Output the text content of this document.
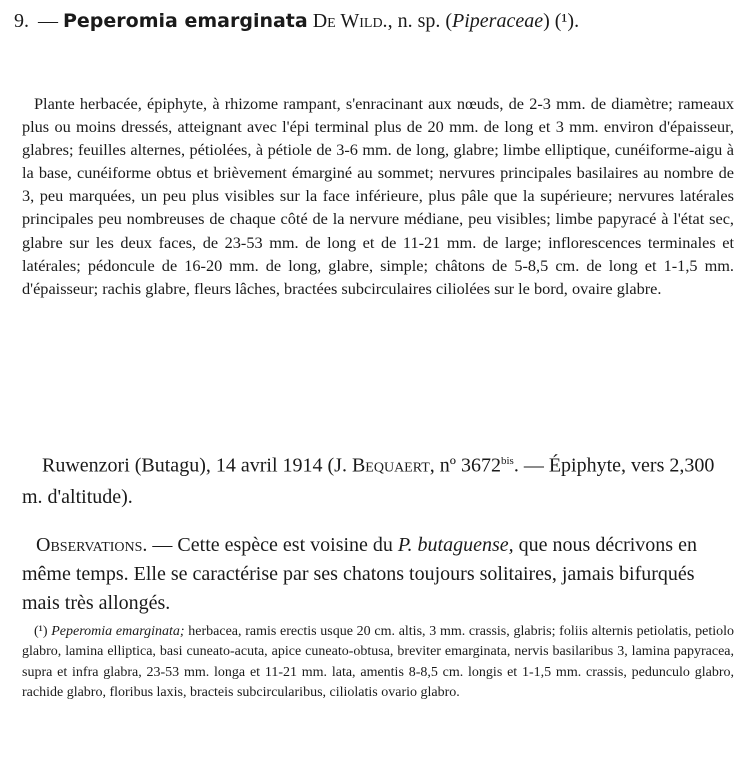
9. — Peperomia emarginata De Wild., n. sp. (Piperaceae) (¹).

Plante herbacée, épiphyte, à rhizome rampant, s'enracinant aux nœuds, de 2-3 mm. de diamètre; rameaux plus ou moins dressés, atteignant avec l'épi terminal plus de 20 mm. de long et 3 mm. environ d'épaisseur, glabres; feuilles alternes, pétiolées, à pétiole de 3-6 mm. de long, glabre; limbe elliptique, cunéiforme-aigu à la base, cunéiforme obtus et brièvement émarginé au sommet; nervures principales basilaires au nombre de 3, peu marquées, un peu plus visibles sur la face inférieure, plus pâle que la supérieure; nervures latérales principales peu nombreuses de chaque côté de la nervure médiane, peu visibles; limbe papyracé à l'état sec, glabre sur les deux faces, de 23-53 mm. de long et de 11-21 mm. de large; inflorescences terminales et latérales; pédoncule de 16-20 mm. de long, glabre, simple; châtons de 5-8,5 cm. de long et 1-1,5 mm. d'épaisseur; rachis glabre, fleurs lâches, bractées subcirculaires ciliolées sur le bord, ovaire glabre.

Ruwenzori (Butagu), 14 avril 1914 (J. Bequaert, nº $3672^{bis}$. — Épiphyte, vers 2,300 m. d'altitude).

Observations. — Cette espèce est voisine du P. butaguense, que nous décrivons en même temps. Elle se caractérise par ses chatons toujours solitaires, jamais bifurqués mais très allongés.

(¹) Peperomia emarginata; herbacea, ramis erectis usque 20 cm. altis, 3 mm. crassis, glabris; foliis alternis petiolatis, petiolo glabro, lamina elliptica, basi cuneato-acuta, apice cuneato-obtusa, breviter emarginata, nervis basilaribus 3, lamina papyracea, supra et infra glabra, 23-53 mm. longa et 11-21 mm. lata, amentis 8-8,5 cm. longis et 1-1,5 mm. crassis, pedunculo glabro, rachide glabro, floribus laxis, bracteis subcircularibus, ciliolatis ovario glabro.
